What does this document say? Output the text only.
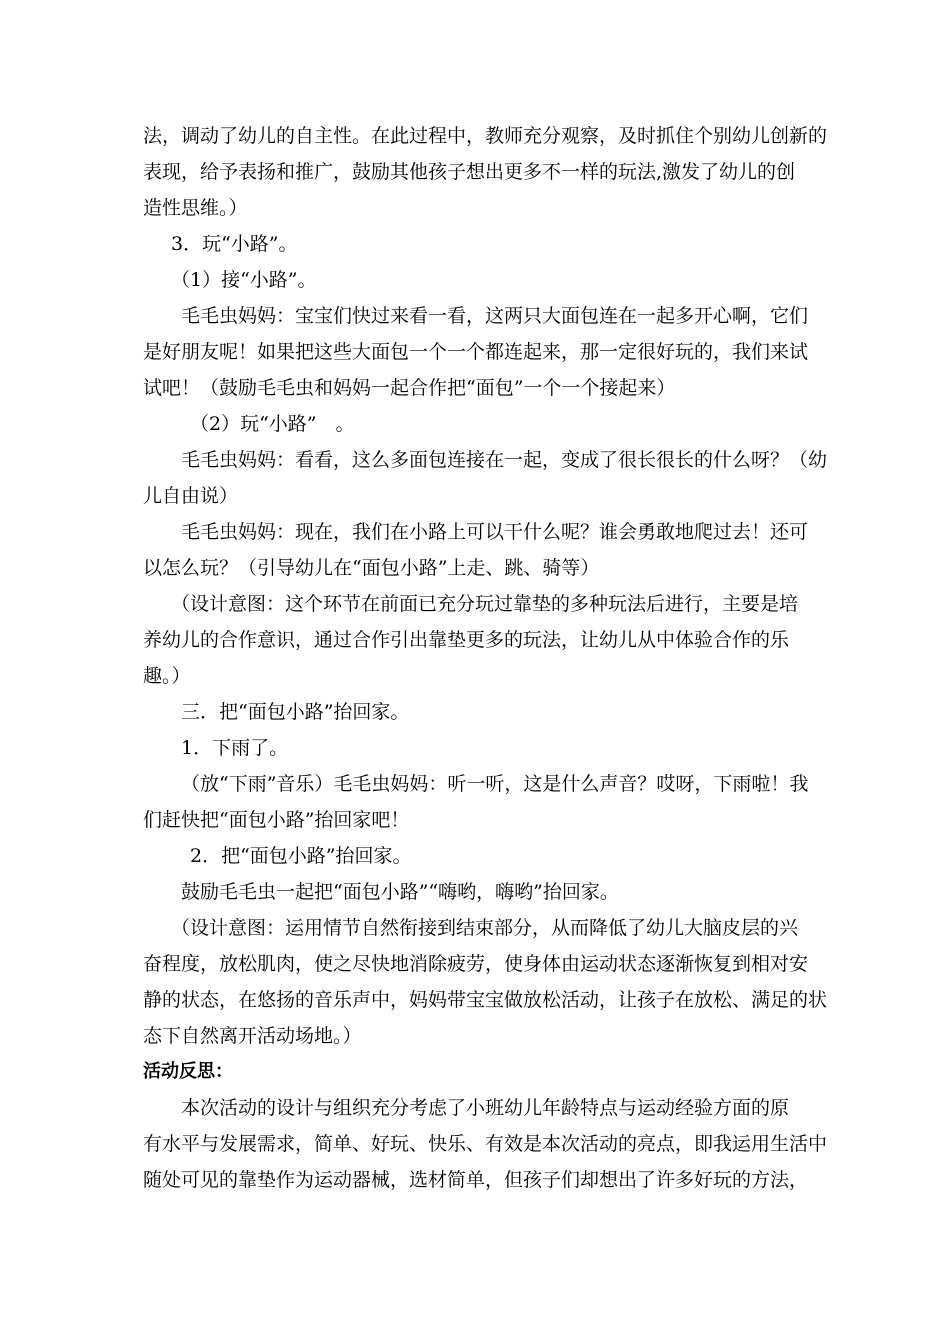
法，调动了幼儿的自主性。在此过程中，教师充分观察，及时抓住个别幼儿创新的
表现，给予表扬和推广，鼓励其他孩子想出更多不一样的玩法,激发了幼儿的创
造性思维。）
3．玩“小路”。
（1）接“小路”。
毛毛虫妈妈：宝宝们快过来看一看，这两只大面包连在一起多开心啊，它们
是好朋友呢！如果把这些大面包一个一个都连起来，那一定很好玩的，我们来试
试吧！（鼓励毛毛虫和妈妈一起合作把“面包”一个一个接起来）
（2）玩“小路”　。
毛毛虫妈妈：看看，这么多面包连接在一起，变成了很长很长的什么呀？（幼
儿自由说）
毛毛虫妈妈：现在，我们在小路上可以干什么呢？谁会勇敢地爬过去！还可
以怎么玩？（引导幼儿在“面包小路”上走、跳、骑等）
（设计意图：这个环节在前面已充分玩过靠垫的多种玩法后进行，主要是培
养幼儿的合作意识，通过合作引出靠垫更多的玩法，让幼儿从中体验合作的乐
趣。）
三．把“面包小路”抬回家。
1．下雨了。
（放“下雨”音乐）毛毛虫妈妈：听一听，这是什么声音？哎呀，下雨啦！我
们赶快把“面包小路”抬回家吧！
2．把“面包小路”抬回家。
鼓励毛毛虫一起把“面包小路”“嗨哟，嗨哟”抬回家。
（设计意图：运用情节自然衔接到结束部分，从而降低了幼儿大脑皮层的兴
奋程度，放松肌肉，使之尽快地消除疲劳，使身体由运动状态逐渐恢复到相对安
静的状态，在悠扬的音乐声中，妈妈带宝宝做放松活动，让孩子在放松、满足的状
态下自然离开活动场地。）
活动反思：
本次活动的设计与组织充分考虑了小班幼儿年龄特点与运动经验方面的原
有水平与发展需求，简单、好玩、快乐、有效是本次活动的亮点，即我运用生活中
随处可见的靠垫作为运动器械，选材简单，但孩子们却想出了许多好玩的方法，
